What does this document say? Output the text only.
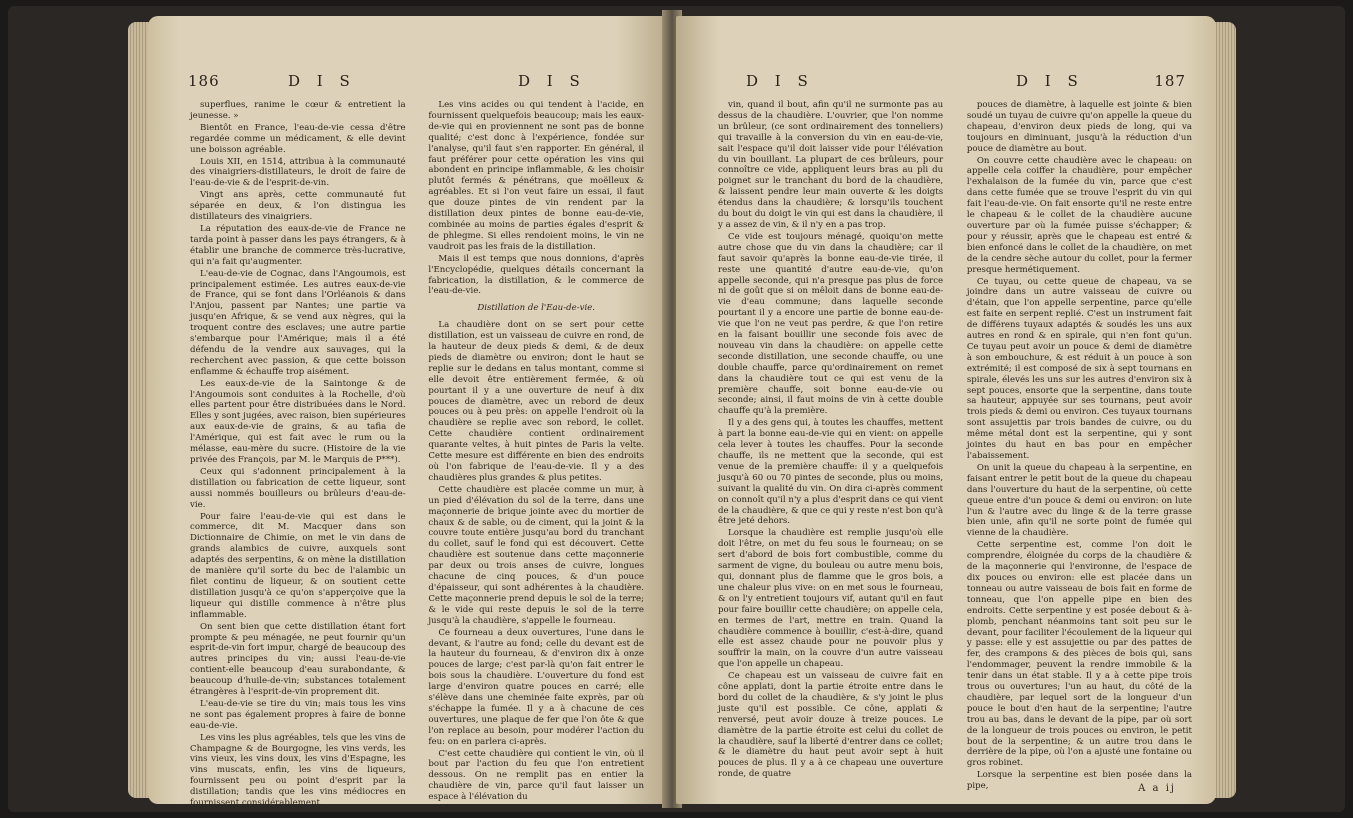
186	D I S	D I S

superflues, ranime le cœur & entretient la jeunesse. »

Bientôt en France, l'eau-de-vie cessa d'être regardée comme un médicament, & elle devint une boisson agréable.

Louis XII, en 1514, attribua à la communauté des vinaigriers-distillateurs, le droit de faire de l'eau-de-vie & de l'esprit-de-vin.

Vingt ans après, cette communauté fut séparée en deux, & l'on distingua les distillateurs des vinaigriers.

La réputation des eaux-de-vie de France ne tarda point à passer dans les pays étrangers, & à établir une branche de commerce très-lucrative, qui n'a fait qu'augmenter.

L'eau-de-vie de Cognac, dans l'Angoumois, est principalement estimée. Les autres eaux-de-vie de France, qui se font dans l'Orléanois & dans l'Anjou, passent par Nantes; une partie va jusqu'en Afrique, & se vend aux nègres, qui la troquent contre des esclaves; une autre partie s'embarque pour l'Amérique; mais il a été défendu de la vendre aux sauvages, qui la recherchent avec passion, & que cette boisson enflamme & échauffe trop aisément.

Les eaux-de-vie de la Saintonge & de l'Angoumois sont conduites à la Rochelle, d'où elles partent pour être distribuées dans le Nord. Elles y sont jugées, avec raison, bien supérieures aux eaux-de-vie de grains, & au tafia de l'Amérique, qui est fait avec le rum ou la mélasse, eau-mère du sucre. (Histoire de la vie privée des François, par M. le Marquis de P***).

Ceux qui s'adonnent principalement à la distillation ou fabrication de cette liqueur, sont aussi nommés bouilleurs ou brûleurs d'eau-de-vie.

Pour faire l'eau-de-vie qui est dans le commerce, dit M. Macquer dans son Dictionnaire de Chimie, on met le vin dans de grands alambics de cuivre, auxquels sont adaptés des serpentins, & on mène la distillation de manière qu'il sorte du bec de l'alambic un filet continu de liqueur, & on soutient cette distillation jusqu'à ce qu'on s'apperçoive que la liqueur qui distille commence à n'être plus inflammable.

On sent bien que cette distillation étant fort prompte & peu ménagée, ne peut fournir qu'un esprit-de-vin fort impur, chargé de beaucoup des autres principes du vin; aussi l'eau-de-vie contient-elle beaucoup d'eau surabondante, & beaucoup d'huile-de-vin; substances totalement étrangères à l'esprit-de-vin proprement dit.

L'eau-de-vie se tire du vin; mais tous les vins ne sont pas également propres à faire de bonne eau-de-vie.

Les vins les plus agréables, tels que les vins de Champagne & de Bourgogne, les vins verds, les vins vieux, les vins doux, les vins d'Espagne, les vins muscats, enfin, les vins de liqueurs, fournissent peu ou point d'esprit par la distillation; tandis que les vins médiocres en fournissent considérablement.

Les vins acides ou qui tendent à l'acide, en fournissent quelquefois beaucoup; mais les eaux-de-vie qui en proviennent ne sont pas de bonne qualité; c'est donc à l'expérience, fondée sur l'analyse, qu'il faut s'en rapporter. En général, il faut préférer pour cette opération les vins qui abondent en principe inflammable, & les choisir plutôt fermés & pénétrans, que moëlleux & agréables. Et si l'on veut faire un essai, il faut que douze pintes de vin rendent par la distillation deux pintes de bonne eau-de-vie, combinée au moins de parties égales d'esprit & de phlegme. Si elles rendoient moins, le vin ne vaudroit pas les frais de la distillation.

Mais il est temps que nous donnions, d'après l'Encyclopédie, quelques détails concernant la fabrication, la distillation, & le commerce de l'eau-de-vie.

Distillation de l'Eau-de-vie.

La chaudière dont on se sert pour cette distillation, est un vaisseau de cuivre en rond, de la hauteur de deux pieds & demi, & de deux pieds de diamètre ou environ; dont le haut se replie sur le dedans en talus montant, comme si elle devoit être entièrement fermée, & où pourtant il y a une ouverture de neuf à dix pouces de diamètre, avec un rebord de deux pouces ou à peu près: on appelle l'endroit où la chaudière se replie avec son rebord, le collet. Cette chaudière contient ordinairement quarante veltes, à huit pintes de Paris la velte. Cette mesure est différente en bien des endroits où l'on fabrique de l'eau-de-vie. Il y a des chaudières plus grandes & plus petites.

Cette chaudière est placée comme un mur, à un pied d'élévation du sol de la terre, dans une maçonnerie de brique jointe avec du mortier de chaux & de sable, ou de ciment, qui la joint & la couvre toute entière jusqu'au bord du tranchant du collet, sauf le fond qui est découvert. Cette chaudière est soutenue dans cette maçonnerie par deux ou trois anses de cuivre, longues chacune de cinq pouces, & d'un pouce d'épaisseur, qui sont adhérentes à la chaudière. Cette maçonnerie prend depuis le sol de la terre; & le vide qui reste depuis le sol de la terre jusqu'à la chaudière, s'appelle le fourneau.

Ce fourneau a deux ouvertures, l'une dans le devant, & l'autre au fond; celle du devant est de la hauteur du fourneau, & d'environ dix à onze pouces de large; c'est par-là qu'on fait entrer le bois sous la chaudière. L'ouverture du fond est large d'environ quatre pouces en carré; elle s'élève dans une cheminée faite exprès, par où s'échappe la fumée. Il y a à chacune de ces ouvertures, une plaque de fer que l'on ôte & que l'on replace au besoin, pour modérer l'action du feu: on en parlera ci-après.

C'est cette chaudière qui contient le vin, où il bout par l'action du feu que l'on entretient dessous. On ne remplit pas en entier la chaudière de vin, parce qu'il faut laisser un espace à l'élévation du

D I S	D I S	187

vin, quand il bout, afin qu'il ne surmonte pas au dessus de la chaudière. L'ouvrier, que l'on nomme un brûleur, (ce sont ordinairement des tonneliers) qui travaille à la conversion du vin en eau-de-vie, sait l'espace qu'il doit laisser vide pour l'élévation du vin bouillant. La plupart de ces brûleurs, pour connoître ce vide, appliquent leurs bras au pli du poignet sur le tranchant du bord de la chaudière, & laissent pendre leur main ouverte & les doigts étendus dans la chaudière; & lorsqu'ils touchent du bout du doigt le vin qui est dans la chaudière, il y a assez de vin, & il n'y en a pas trop.

Ce vide est toujours ménagé, quoiqu'on mette autre chose que du vin dans la chaudière; car il faut savoir qu'après la bonne eau-de-vie tirée, il reste une quantité d'autre eau-de-vie, qu'on appelle seconde, qui n'a presque pas plus de force ni de goût que si on mêloit dans de bonne eau-de-vie d'eau commune; dans laquelle seconde pourtant il y a encore une partie de bonne eau-de-vie que l'on ne veut pas perdre, & que l'on retire en la faisant bouillir une seconde fois avec de nouveau vin dans la chaudière: on appelle cette seconde distillation, une seconde chauffe, ou une double chauffe, parce qu'ordinairement on remet dans la chaudière tout ce qui est venu de la première chauffe, soit bonne eau-de-vie ou seconde; ainsi, il faut moins de vin à cette double chauffe qu'à la première.

Il y a des gens qui, à toutes les chauffes, mettent à part la bonne eau-de-vie qui en vient: on appelle cela lever à toutes les chauffes. Pour la seconde chauffe, ils ne mettent que la seconde, qui est venue de la première chauffe: il y a quelquefois jusqu'à 60 ou 70 pintes de seconde, plus ou moins, suivant la qualité du vin. On dira ci-après comment on connoît qu'il n'y a plus d'esprit dans ce qui vient de la chaudière, & que ce qui y reste n'est bon qu'à être jeté dehors.

Lorsque la chaudière est remplie jusqu'où elle doit l'être, on met du feu sous le fourneau; on se sert d'abord de bois fort combustible, comme du sarment de vigne, du bouleau ou autre menu bois, qui, donnant plus de flamme que le gros bois, a une chaleur plus vive: on en met sous le fourneau, & on l'y entretient toujours vif, autant qu'il en faut pour faire bouillir cette chaudière; on appelle cela, en termes de l'art, mettre en train. Quand la chaudière commence à bouillir, c'est-à-dire, quand elle est assez chaude pour ne pouvoir plus y souffrir la main, on la couvre d'un autre vaisseau que l'on appelle un chapeau.

Ce chapeau est un vaisseau de cuivre fait en cône applati, dont la partie étroite entre dans le bord du collet de la chaudière, & s'y joint le plus juste qu'il est possible. Ce cône, applati & renversé, peut avoir douze à treize pouces. Le diamètre de la partie étroite est celui du collet de la chaudière, sauf la liberté d'entrer dans ce collet; & le diamètre du haut peut avoir sept à huit pouces de plus. Il y a à ce chapeau une ouverture ronde, de quatre

pouces de diamètre, à laquelle est jointe & bien soudé un tuyau de cuivre qu'on appelle la queue du chapeau, d'environ deux pieds de long, qui va toujours en diminuant, jusqu'à la réduction d'un pouce de diamètre au bout.

On couvre cette chaudière avec le chapeau: on appelle cela coiffer la chaudière, pour empêcher l'exhalaison de la fumée du vin, parce que c'est dans cette fumée que se trouve l'esprit du vin qui fait l'eau-de-vie. On fait ensorte qu'il ne reste entre le chapeau & le collet de la chaudière aucune ouverture par où la fumée puisse s'échapper; & pour y réussir, après que le chapeau est entré & bien enfoncé dans le collet de la chaudière, on met de la cendre sèche autour du collet, pour la fermer presque hermétiquement.

Ce tuyau, ou cette queue de chapeau, va se joindre dans un autre vaisseau de cuivre ou d'étain, que l'on appelle serpentine, parce qu'elle est faite en serpent replié. C'est un instrument fait de différens tuyaux adaptés & soudés les uns aux autres en rond & en spirale, qui n'en font qu'un. Ce tuyau peut avoir un pouce & demi de diamètre à son embouchure, & est réduit à un pouce à son extrémité; il est composé de six à sept tournans en spirale, élevés les uns sur les autres d'environ six à sept pouces, ensorte que la serpentine, dans toute sa hauteur, appuyée sur ses tournans, peut avoir trois pieds & demi ou environ. Ces tuyaux tournans sont assujettis par trois bandes de cuivre, ou du même métal dont est la serpentine, qui y sont jointes du haut en bas pour en empêcher l'abaissement.

On unit la queue du chapeau à la serpentine, en faisant entrer le petit bout de la queue du chapeau dans l'ouverture du haut de la serpentine, où cette queue entre d'un pouce & demi ou environ: on lute l'un & l'autre avec du linge & de la terre grasse bien unie, afin qu'il ne sorte point de fumée qui vienne de la chaudière.

Cette serpentine est, comme l'on doit le comprendre, éloignée du corps de la chaudière & de la maçonnerie qui l'environne, de l'espace de dix pouces ou environ: elle est placée dans un tonneau ou autre vaisseau de bois fait en forme de tonneau, que l'on appelle pipe en bien des endroits. Cette serpentine y est posée debout & à-plomb, penchant néanmoins tant soit peu sur le devant, pour faciliter l'écoulement de la liqueur qui y passe: elle y est assujettie ou par des pattes de fer, des crampons & des pièces de bois qui, sans l'endommager, peuvent la rendre immobile & la tenir dans un état stable. Il y a à cette pipe trois trous ou ouvertures; l'un au haut, du côté de la chaudière, par lequel sort de la longueur d'un pouce le bout d'en haut de la serpentine; l'autre trou au bas, dans le devant de la pipe, par où sort de la longueur de trois pouces ou environ, le petit bout de la serpentine; & un autre trou dans le derrière de la pipe, où l'on a ajusté une fontaine ou gros robinet.

Lorsque la serpentine est bien posée dans la pipe,	A a ij
